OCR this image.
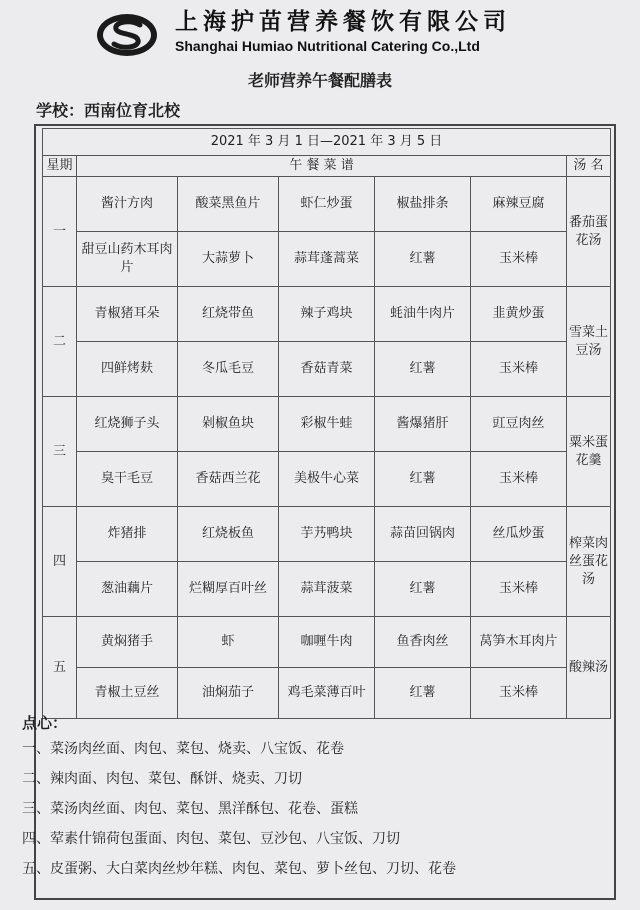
上海护苗营养餐饮有限公司
Shanghai Humiao Nutritional Catering Co.,Ltd
老师营养午餐配膳表
学校：西南位育北校
2021 年 3 月 1 日—2021 年 3 月 5 日						
星期	午 餐 菜 谱					汤 名
一	酱汁方肉	酸菜黑鱼片	虾仁炒蛋	椒盐排条	麻辣豆腐	番茄蛋花汤
	甜豆山药木耳肉片	大蒜萝卜	蒜茸蓬蒿菜	红薯	玉米棒	
二	青椒猪耳朵	红烧带鱼	辣子鸡块	蚝油牛肉片	韭黄炒蛋	雪菜土豆汤
	四鲜烤麸	冬瓜毛豆	香菇青菜	红薯	玉米棒	
三	红烧狮子头	剁椒鱼块	彩椒牛蛙	酱爆猪肝	豇豆肉丝	粟米蛋花羹
	臭干毛豆	香菇西兰花	美极牛心菜	红薯	玉米棒	
四	炸猪排	红烧板鱼	芋艿鸭块	蒜苗回锅肉	丝瓜炒蛋	榨菜肉丝蛋花汤
	葱油藕片	烂糊厚百叶丝	蒜茸菠菜	红薯	玉米棒	
五	黄焖猪手	虾	咖喱牛肉	鱼香肉丝	莴笋木耳肉片	酸辣汤
	青椒土豆丝	油焖茄子	鸡毛菜薄百叶	红薯	玉米棒	
点心：
一、菜汤肉丝面、肉包、菜包、烧卖、八宝饭、花卷
二、辣肉面、肉包、菜包、酥饼、烧卖、刀切
三、菜汤肉丝面、肉包、菜包、黑洋酥包、花卷、蛋糕
四、荤素什锦荷包蛋面、肉包、菜包、豆沙包、八宝饭、刀切
五、皮蛋粥、大白菜肉丝炒年糕、肉包、菜包、萝卜丝包、刀切、花卷
